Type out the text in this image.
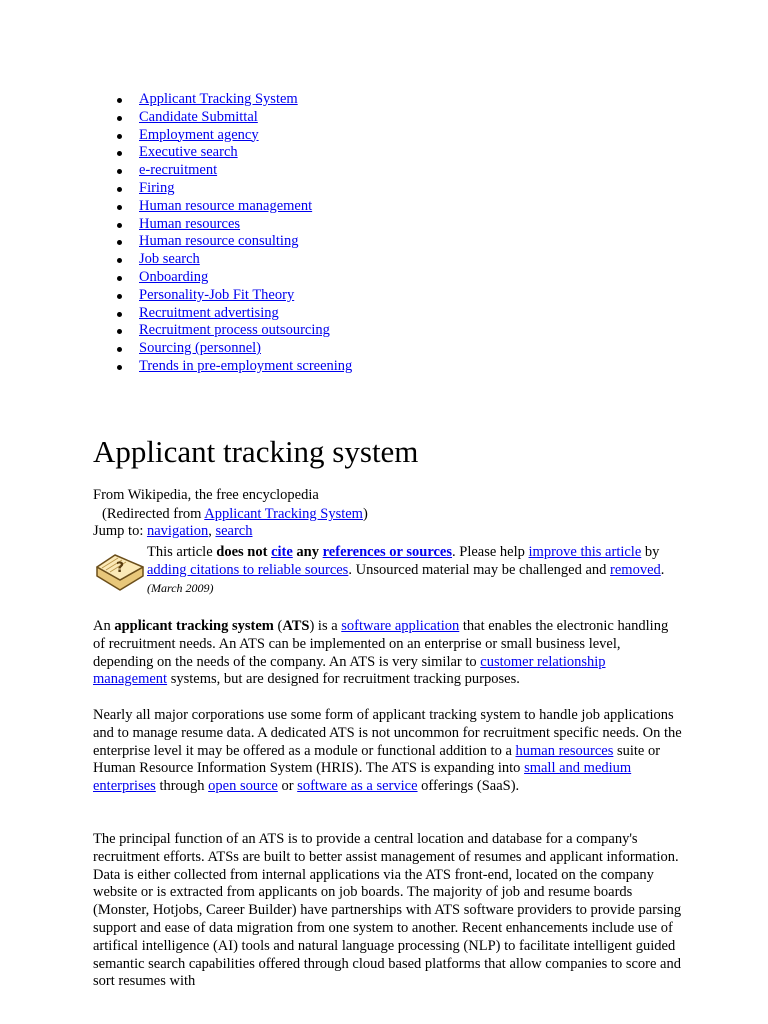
Applicant Tracking System
Candidate Submittal
Employment agency
Executive search
e-recruitment
Firing
Human resource management
Human resources
Human resource consulting
Job search
Onboarding
Personality-Job Fit Theory
Recruitment advertising
Recruitment process outsourcing
Sourcing (personnel)
Trends in pre-employment screening
Applicant tracking system
From Wikipedia, the free encyclopedia
(Redirected from Applicant Tracking System)
Jump to: navigation, search
?
This article does not cite any references or sources. Please help improve this article by adding citations to reliable sources. Unsourced material may be challenged and removed. (March 2009)

An applicant tracking system (ATS) is a software application that enables the electronic handling of recruitment needs. An ATS can be implemented on an enterprise or small business level, depending on the needs of the company. An ATS is very similar to customer relationship management systems, but are designed for recruitment tracking purposes.

Nearly all major corporations use some form of applicant tracking system to handle job applications and to manage resume data. A dedicated ATS is not uncommon for recruitment specific needs. On the enterprise level it may be offered as a module or functional addition to a human resources suite or Human Resource Information System (HRIS). The ATS is expanding into small and medium enterprises through open source or software as a service offerings (SaaS).

The principal function of an ATS is to provide a central location and database for a company's recruitment efforts. ATSs are built to better assist management of resumes and applicant information. Data is either collected from internal applications via the ATS front-end, located on the company website or is extracted from applicants on job boards. The majority of job and resume boards (Monster, Hotjobs, Career Builder) have partnerships with ATS software providers to provide parsing support and ease of data migration from one system to another. Recent enhancements include use of artifical intelligence (AI) tools and natural language processing (NLP) to facilitate intelligent guided semantic search capabilities offered through cloud based platforms that allow companies to score and sort resumes with
